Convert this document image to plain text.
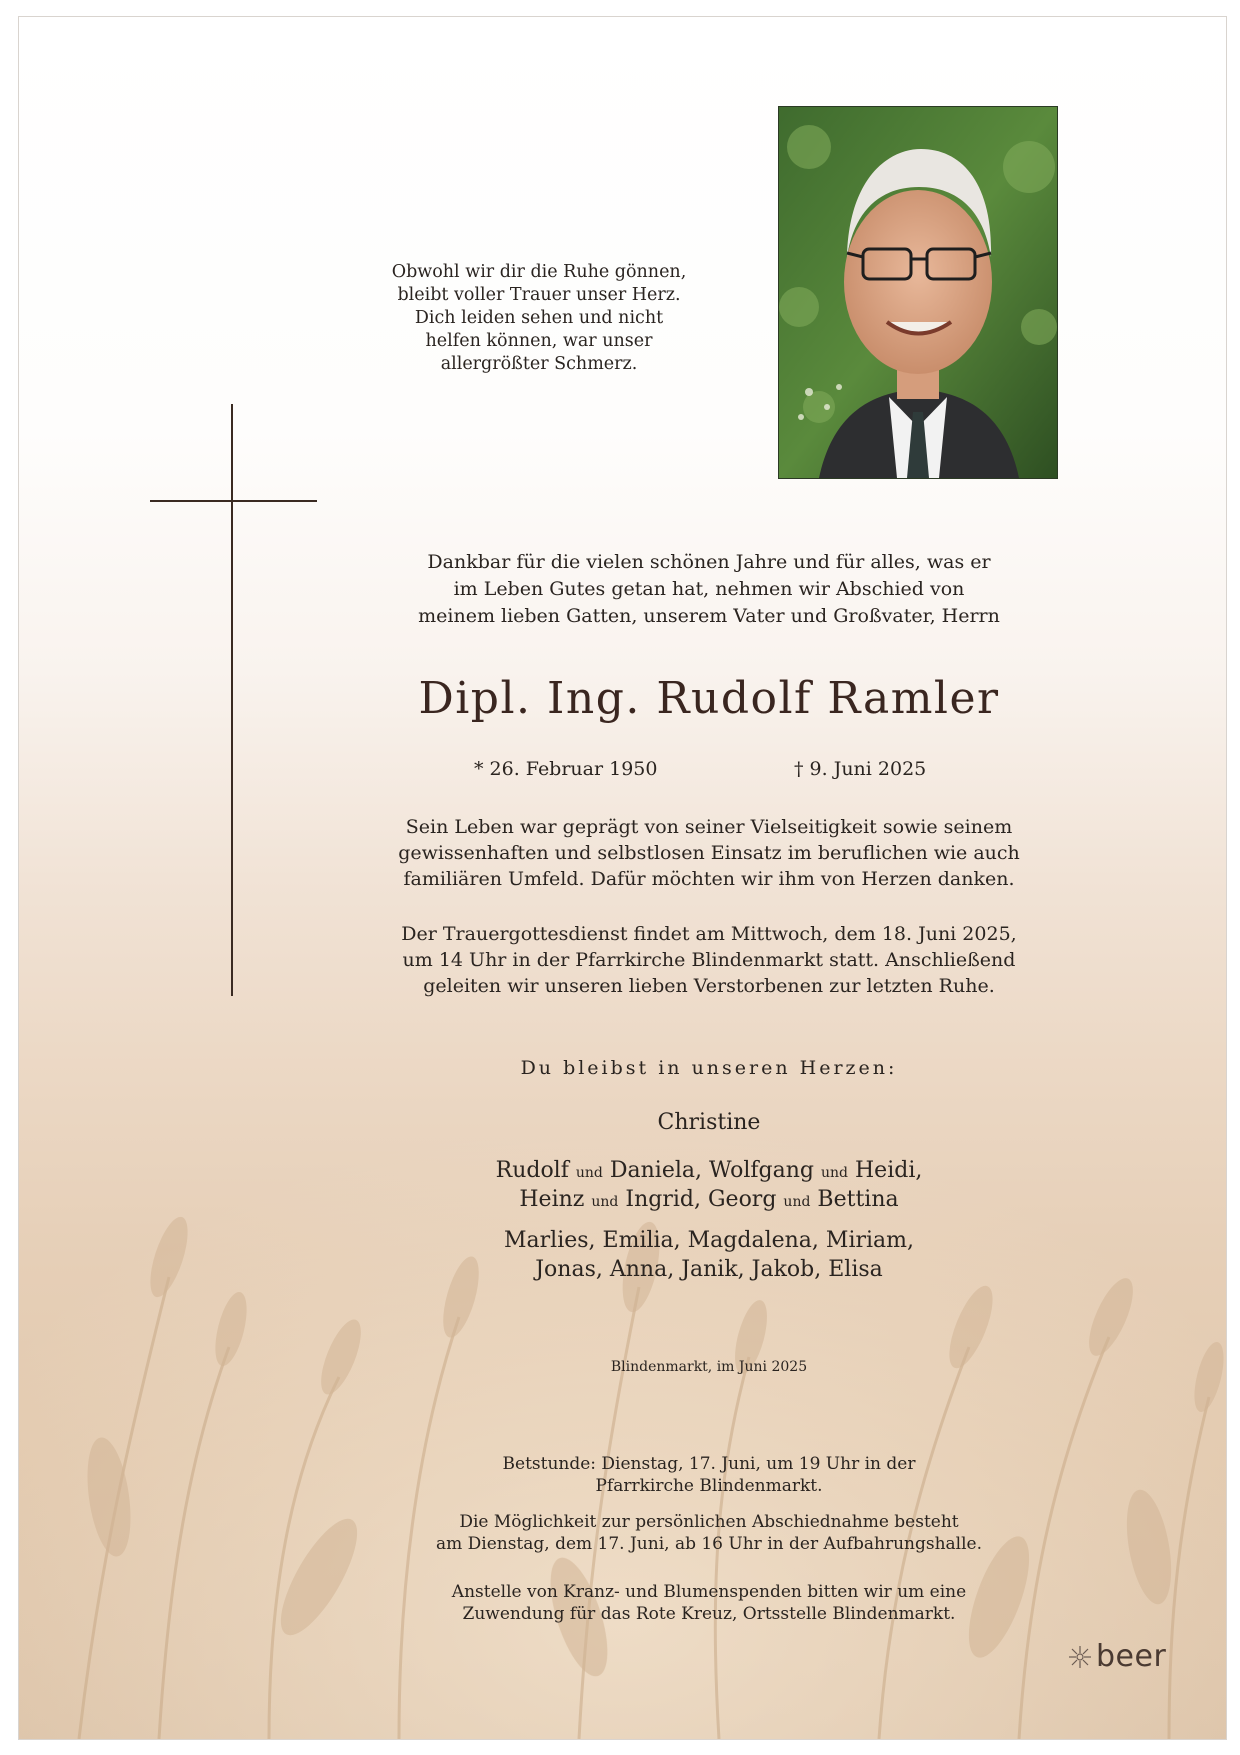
Obwohl wir dir die Ruhe gönnen,
bleibt voller Trauer unser Herz.
Dich leiden sehen und nicht
helfen können, war unser
allergrößter Schmerz.
Dankbar für die vielen schönen Jahre und für alles, was er
im Leben Gutes getan hat, nehmen wir Abschied von
meinem lieben Gatten, unserem Vater und Großvater, Herrn
Dipl. Ing. Rudolf Ramler
* 26. Februar 1950	† 9. Juni 2025
Sein Leben war geprägt von seiner Vielseitigkeit sowie seinem
gewissenhaften und selbstlosen Einsatz im beruflichen wie auch
familiären Umfeld. Dafür möchten wir ihm von Herzen danken.
Der Trauergottesdienst findet am Mittwoch, dem 18. Juni 2025,
um 14 Uhr in der Pfarrkirche Blindenmarkt statt. Anschließend
geleiten wir unseren lieben Verstorbenen zur letzten Ruhe.
Du bleibst in unseren Herzen:
Christine
Rudolf und Daniela, Wolfgang und Heidi,
Heinz und Ingrid, Georg und Bettina
Marlies, Emilia, Magdalena, Miriam,
Jonas, Anna, Janik, Jakob, Elisa
Blindenmarkt, im Juni 2025
Betstunde: Dienstag, 17. Juni, um 19 Uhr in der
Pfarrkirche Blindenmarkt.
Die Möglichkeit zur persönlichen Abschiednahme besteht
am Dienstag, dem 17. Juni, ab 16 Uhr in der Aufbahrungshalle.
Anstelle von Kranz- und Blumenspenden bitten wir um eine
Zuwendung für das Rote Kreuz, Ortsstelle Blindenmarkt.
beer
